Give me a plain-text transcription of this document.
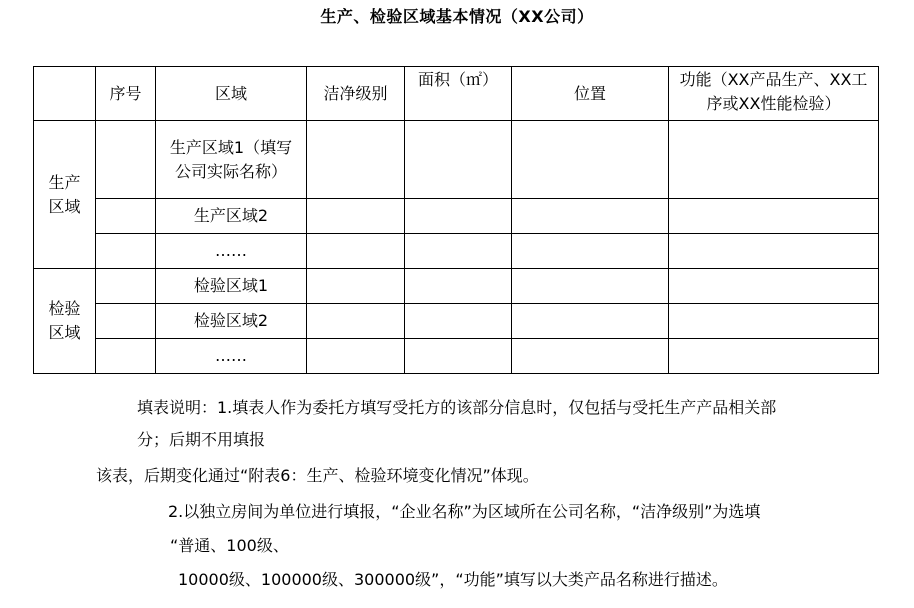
生产、检验区域基本情况（XX公司）
	序号	区域	洁净级别	面积（㎡）	位置	功能（XX产品生产、XX工序或XX性能检验）

生产区域		生产区域1（填写公司实际名称）				

		生产区域2				
		……				

检验区域		检验区域1				
		检验区域2				
		……				
填表说明：1.填表人作为委托方填写受托方的该部分信息时，仅包括与受托生产产品相关部
分；后期不用填报
该表，后期变化通过“附表6：生产、检验环境变化情况”体现。
2.以独立房间为单位进行填报，“企业名称”为区域所在公司名称，“洁净级别”为选填
“普通、100级、
10000级、100000级、300000级”，“功能”填写以大类产品名称进行描述。
